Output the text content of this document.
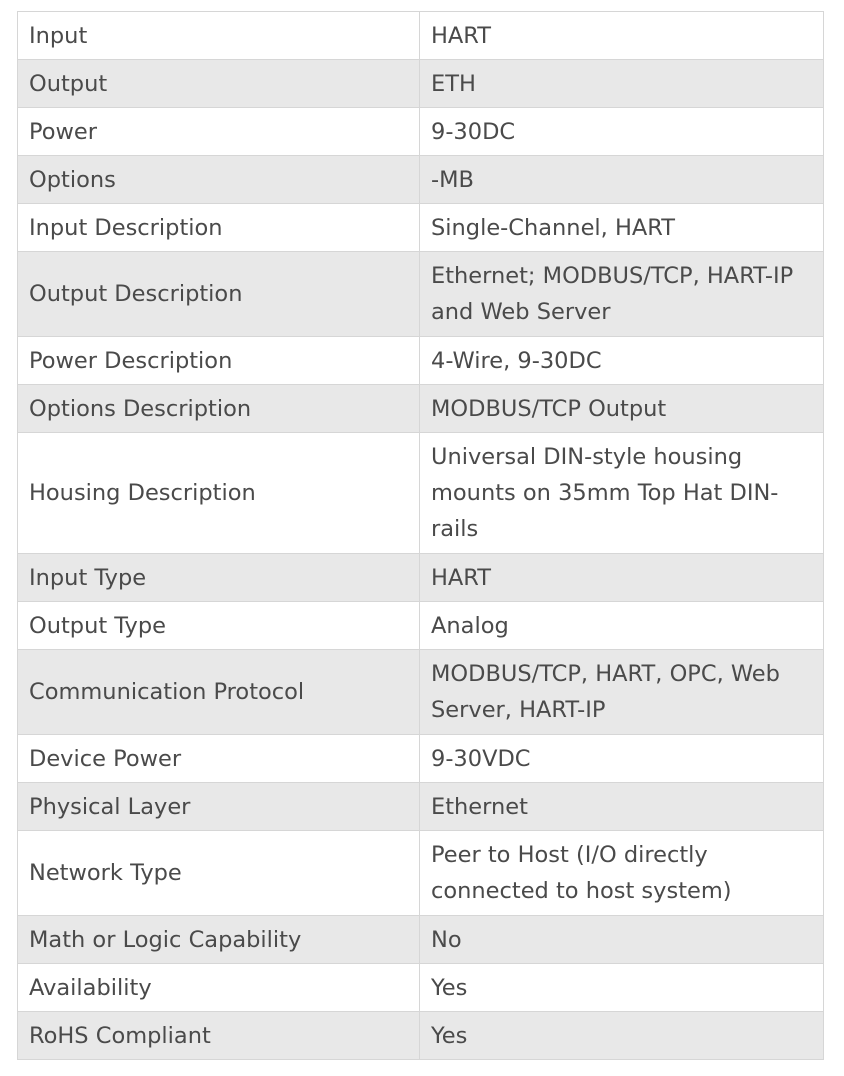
Input	HART
Output	ETH
Power	9-30DC
Options	-MB
Input Description	Single-Channel, HART
Output Description	Ethernet; MODBUS/TCP, HART-IP and Web Server
Power Description	4-Wire, 9-30DC
Options Description	MODBUS/TCP Output
Housing Description	Universal DIN-style housing mounts on 35mm Top Hat DIN-rails
Input Type	HART
Output Type	Analog
Communication Protocol	MODBUS/TCP, HART, OPC, Web Server, HART-IP
Device Power	9-30VDC
Physical Layer	Ethernet
Network Type	Peer to Host (I/O directly connected to host system)
Math or Logic Capability	No
Availability	Yes
RoHS Compliant	Yes
